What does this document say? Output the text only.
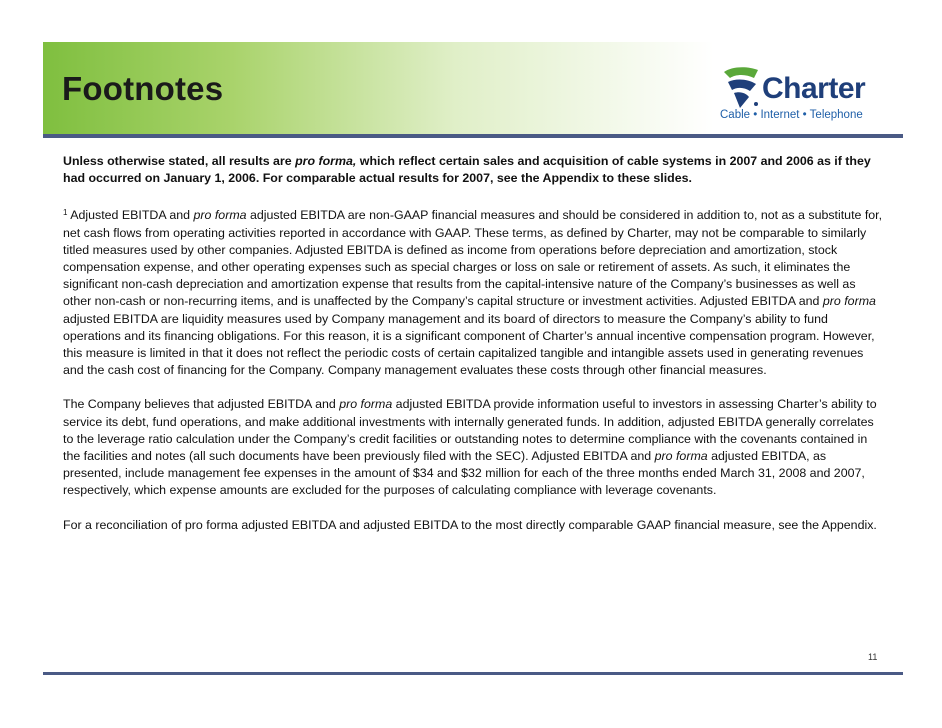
Footnotes	Charter
Cable • Internet • Telephone

Unless otherwise stated, all results are pro forma, which reflect certain sales and acquisition of cable systems in 2007 and 2006 as if they had occurred on January 1, 2006. For comparable actual results for 2007, see the Appendix to these slides.

$^1$ Adjusted EBITDA and pro forma adjusted EBITDA are non-GAAP financial measures and should be considered in addition to, not as a substitute for, net cash flows from operating activities reported in accordance with GAAP. These terms, as defined by Charter, may not be comparable to similarly titled measures used by other companies. Adjusted EBITDA is defined as income from operations before depreciation and amortization, stock compensation expense, and other operating expenses such as special charges or loss on sale or retirement of assets. As such, it eliminates the significant non-cash depreciation and amortization expense that results from the capital-intensive nature of the Company’s businesses as well as other non-cash or non-recurring items, and is unaffected by the Company’s capital structure or investment activities. Adjusted EBITDA and pro forma adjusted EBITDA are liquidity measures used by Company management and its board of directors to measure the Company’s ability to fund operations and its financing obligations. For this reason, it is a significant component of Charter’s annual incentive compensation program. However, this measure is limited in that it does not reflect the periodic costs of certain capitalized tangible and intangible assets used in generating revenues and the cash cost of financing for the Company. Company management evaluates these costs through other financial measures.

The Company believes that adjusted EBITDA and pro forma adjusted EBITDA provide information useful to investors in assessing Charter’s ability to service its debt, fund operations, and make additional investments with internally generated funds. In addition, adjusted EBITDA generally correlates to the leverage ratio calculation under the Company’s credit facilities or outstanding notes to determine compliance with the covenants contained in the facilities and notes (all such documents have been previously filed with the SEC). Adjusted EBITDA and pro forma adjusted EBITDA, as presented, include management fee expenses in the amount of $34 and $32 million for each of the three months ended March 31, 2008 and 2007, respectively, which expense amounts are excluded for the purposes of calculating compliance with leverage covenants.

For a reconciliation of pro forma adjusted EBITDA and adjusted EBITDA to the most directly comparable GAAP financial measure, see the Appendix.

11
